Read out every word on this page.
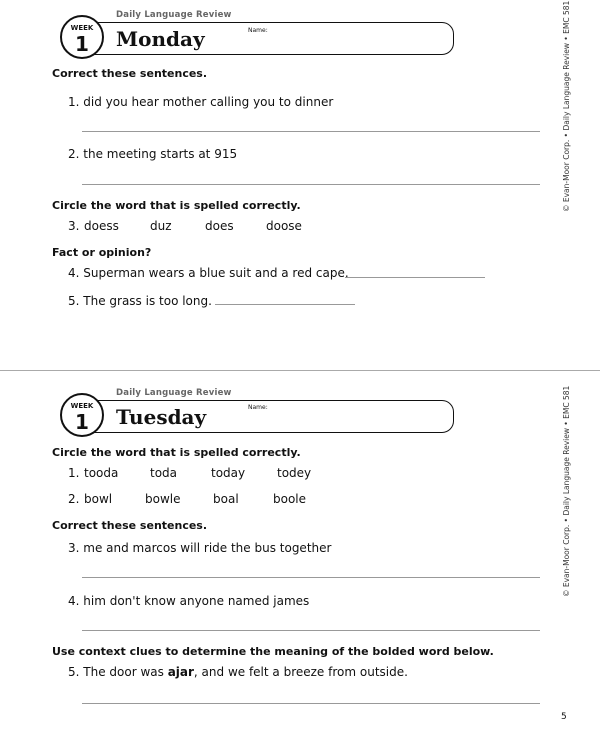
Daily Language Review
WEEK
1	Monday	Name:
Correct these sentences.
1. did you hear mother calling you to dinner
2. the meeting starts at 915
Circle the word that is spelled correctly.
3. doess	duz	does	doose
Fact or opinion?
4. Superman wears a blue suit and a red cape.
5. The grass is too long.
© Evan-Moor Corp. • Daily Language Review • EMC 581
Daily Language Review
WEEK
1	Tuesday	Name:
Circle the word that is spelled correctly.
1. tooda	toda	today	todey
2. bowl	bowle	boal	boole
Correct these sentences.
3. me and marcos will ride the bus together
4. him don't know anyone named james
Use context clues to determine the meaning of the bolded word below.
5. The door was ajar, and we felt a breeze from outside.
© Evan-Moor Corp. • Daily Language Review • EMC 581
5
